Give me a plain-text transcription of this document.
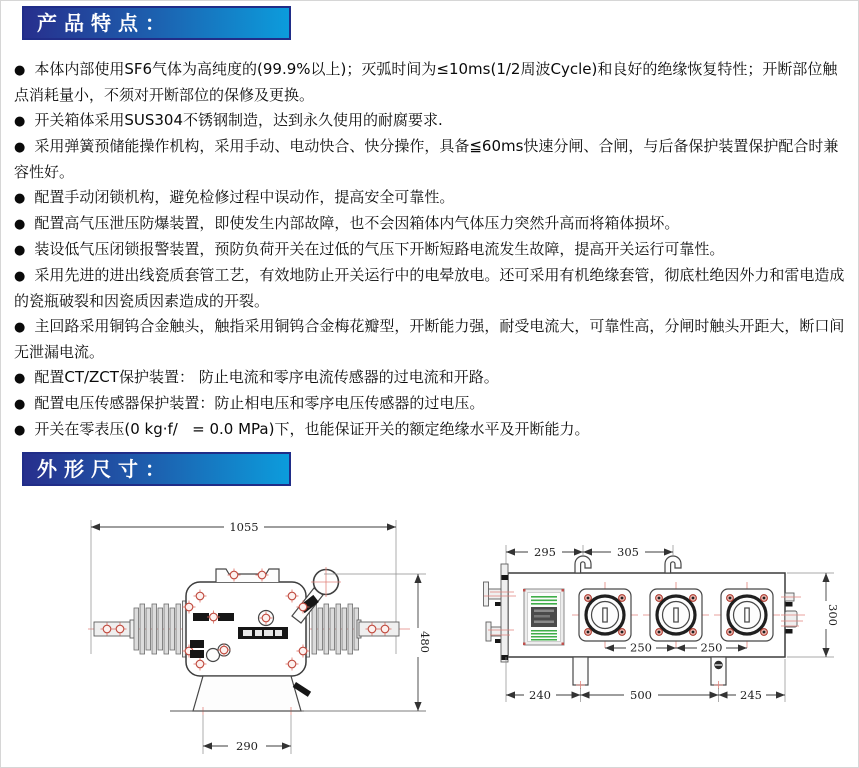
产品特点：

● 本体内部使用SF6气体为高纯度的(99.9%以上)；灭弧时间为≤10ms(1/2周波Cycle)和良好的绝缘恢复特性；开断部位触点消耗量小，不须对开断部位的保修及更换。

● 开关箱体采用SUS304不锈钢制造，达到永久使用的耐腐要求.

● 采用弹簧预储能操作机构，采用手动、电动快合、快分操作，具备≦60ms快速分闸、合闸，与后备保护装置保护配合时兼容性好。

● 配置手动闭锁机构，避免检修过程中误动作，提高安全可靠性。

● 配置高气压泄压防爆装置，即使发生内部故障，也不会因箱体内气体压力突然升高而将箱体损坏。

● 装设低气压闭锁报警装置，预防负荷开关在过低的气压下开断短路电流发生故障，提高开关运行可靠性。

● 采用先进的进出线瓷质套管工艺，有效地防止开关运行中的电晕放电。还可采用有机绝缘套管，彻底杜绝因外力和雷电造成的瓷瓶破裂和因瓷质因素造成的开裂。

● 主回路采用铜钨合金触头，触指采用铜钨合金梅花瓣型，开断能力强，耐受电流大，可靠性高，分闸时触头开距大，断口间无泄漏电流。

● 配置CT/ZCT保护装置： 防止电流和零序电流传感器的过电流和开路。

● 配置电压传感器保护装置：防止相电压和零序电压传感器的过电压。

● 开关在零表压(0 kg·f/   = 0.0 MPa)下，也能保证开关的额定绝缘水平及开断能力。

外形尺寸：
1055
480
290
295	305
250	250
300
240	500	245
